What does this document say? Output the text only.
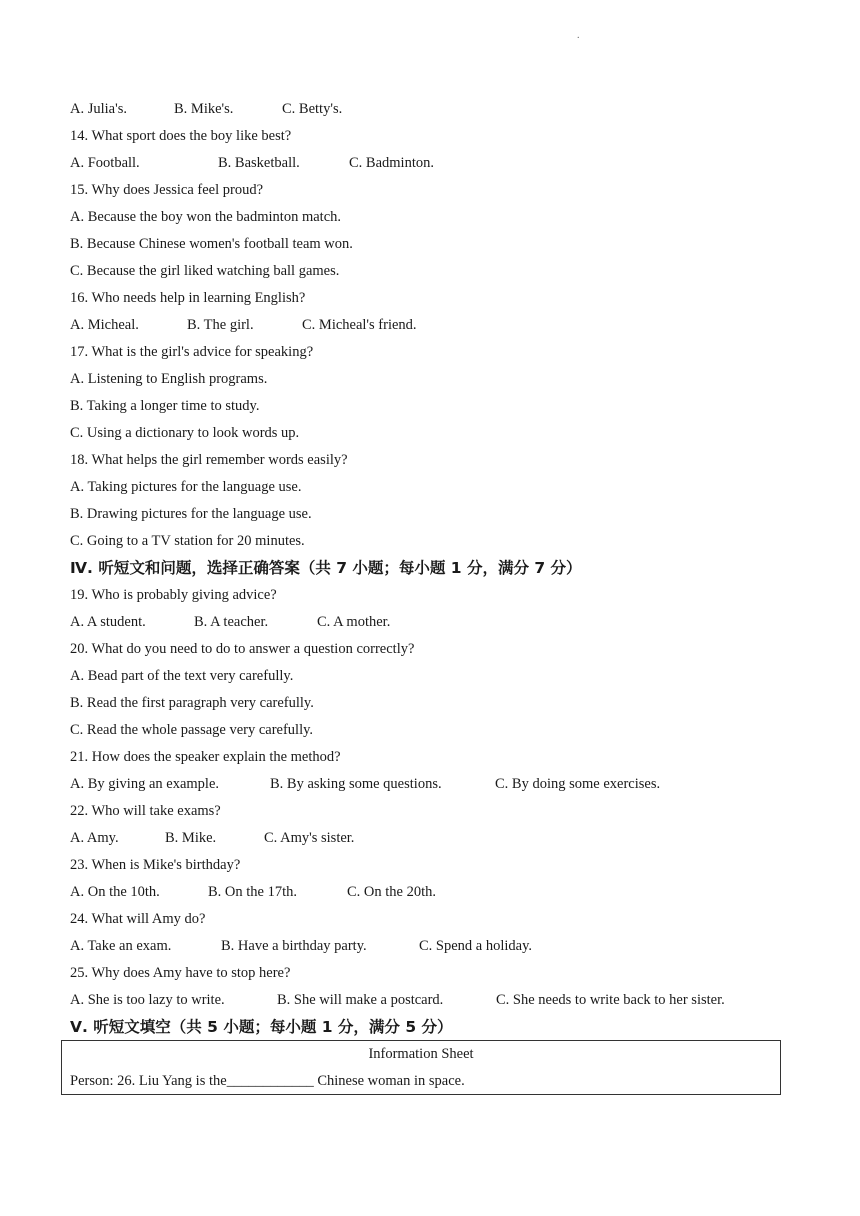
.
A. Julia's.	B. Mike's.	C. Betty's.
14. What sport does the boy like best?
A. Football.	B. Basketball.	C. Badminton.
15. Why does Jessica feel proud?
A. Because the boy won the badminton match.
B. Because Chinese women's football team won.
C. Because the girl liked watching ball games.
16. Who needs help in learning English?
A. Micheal.	B. The girl.	C. Micheal's friend.
17. What is the girl's advice for speaking?
A. Listening to English programs.
B. Taking a longer time to study.
C. Using a dictionary to look words up.
18. What helps the girl remember words easily?
A. Taking pictures for the language use.
B. Drawing pictures for the language use.
C. Going to a TV station for 20 minutes.
Ⅳ. 听短文和问题，选择正确答案（共 7 小题；每小题 1 分，满分 7 分）
19. Who is probably giving advice?
A. A student.	B. A teacher.	C. A mother.
20. What do you need to do to answer a question correctly?
A. Bead part of the text very carefully.
B. Read the first paragraph very carefully.
C. Read the whole passage very carefully.
21. How does the speaker explain the method?
A. By giving an example.	B. By asking some questions.	C. By doing some exercises.
22. Who will take exams?
A. Amy.	B. Mike.	C. Amy's sister.
23. When is Mike's birthday?
A. On the 10th.	B. On the 17th.	C. On the 20th.
24. What will Amy do?
A. Take an exam.	B. Have a birthday party.	C. Spend a holiday.
25. Why does Amy have to stop here?
A. She is too lazy to write.	B. She will make a postcard.	C. She needs to write back to her sister.
Ⅴ. 听短文填空（共 5 小题；每小题 1 分，满分 5 分）
Information Sheet
Person: 26. Liu Yang is the____________ Chinese woman in space.
